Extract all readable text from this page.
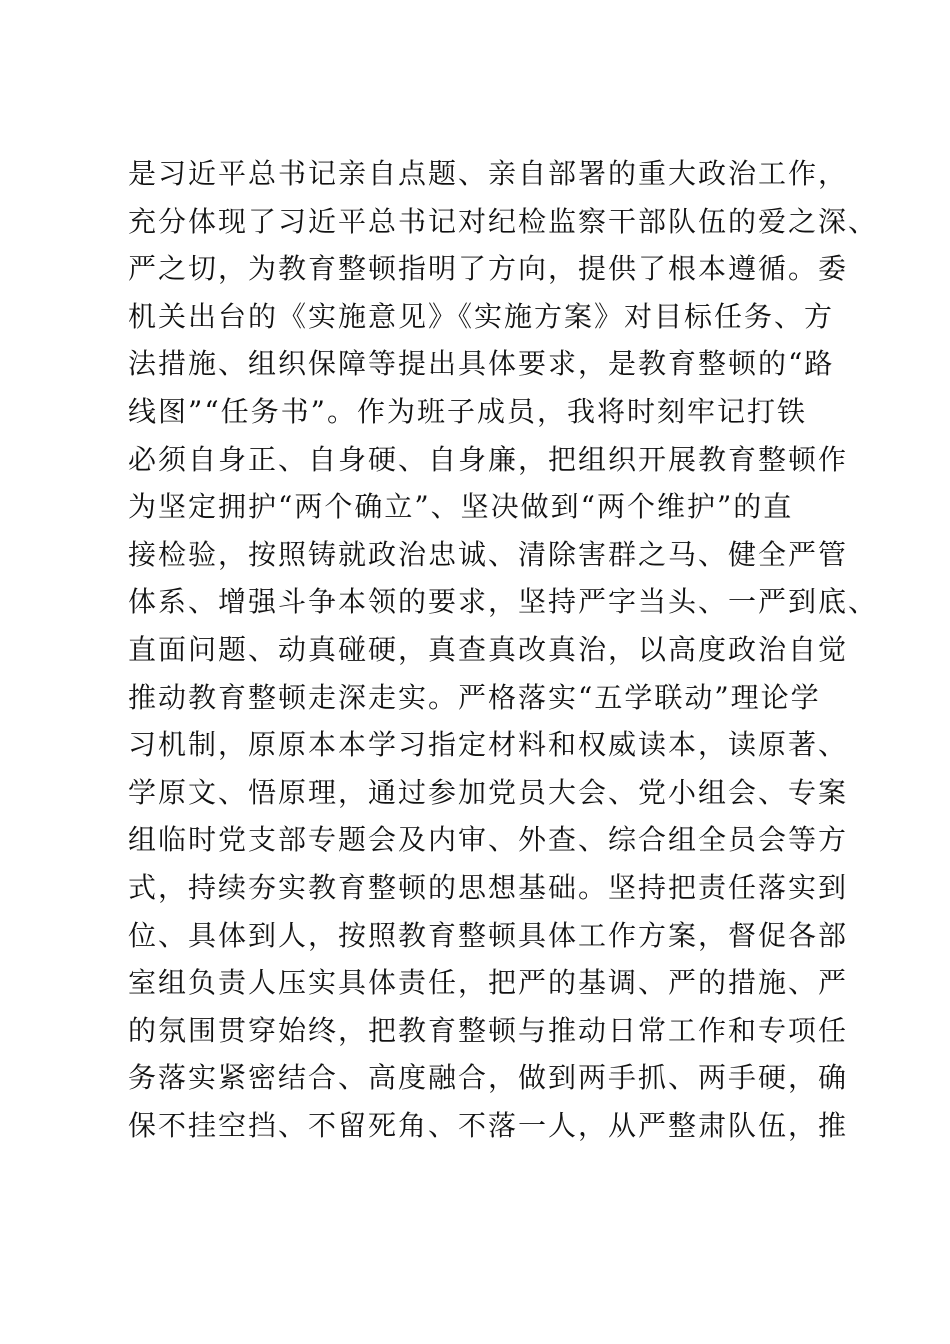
是习近平总书记亲自点题、亲自部署的重大政治工作，
充分体现了习近平总书记对纪检监察干部队伍的爱之深、
严之切，为教育整顿指明了方向，提供了根本遵循。委
机关出台的《实施意见》《实施方案》对目标任务、方
法措施、组织保障等提出具体要求，是教育整顿的“路
线图”“任务书”。作为班子成员，我将时刻牢记打铁
必须自身正、自身硬、自身廉，把组织开展教育整顿作
为坚定拥护“两个确立”、坚决做到“两个维护”的直
接检验，按照铸就政治忠诚、清除害群之马、健全严管
体系、增强斗争本领的要求，坚持严字当头、一严到底、
直面问题、动真碰硬，真查真改真治，以高度政治自觉
推动教育整顿走深走实。严格落实“五学联动”理论学
习机制，原原本本学习指定材料和权威读本，读原著、
学原文、悟原理，通过参加党员大会、党小组会、专案
组临时党支部专题会及内审、外查、综合组全员会等方
式，持续夯实教育整顿的思想基础。坚持把责任落实到
位、具体到人，按照教育整顿具体工作方案，督促各部
室组负责人压实具体责任，把严的基调、严的措施、严
的氛围贯穿始终，把教育整顿与推动日常工作和专项任
务落实紧密结合、高度融合，做到两手抓、两手硬，确
保不挂空挡、不留死角、不落一人，从严整肃队伍，推
